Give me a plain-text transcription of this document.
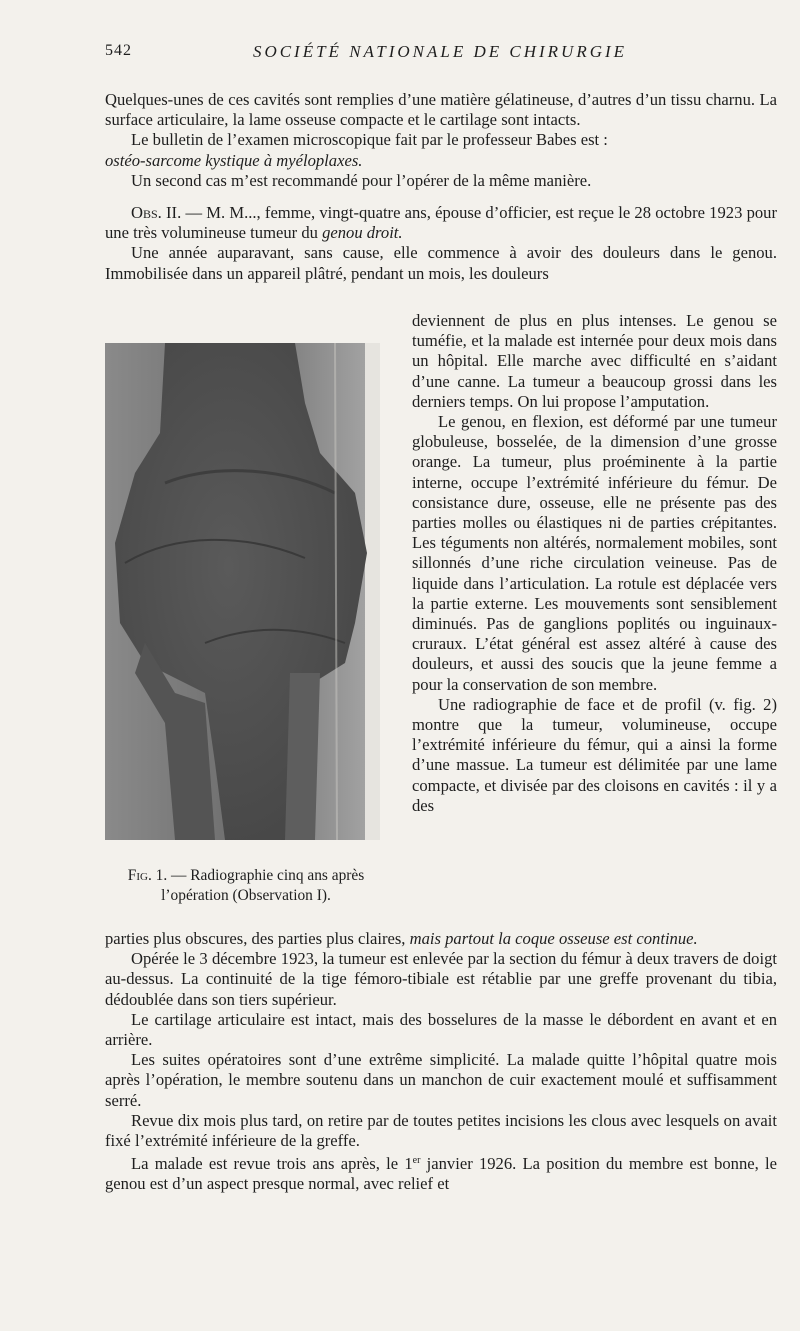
542	SOCIÉTÉ NATIONALE DE CHIRURGIE

Quelques-unes de ces cavités sont remplies d’une matière gélatineuse, d’autres d’un tissu charnu. La surface articulaire, la lame osseuse compacte et le cartilage sont intacts.

Le bulletin de l’examen microscopique fait par le professeur Babes est :
ostéo-sarcome kystique à myéloplaxes.

Un second cas m’est recommandé pour l’opérer de la même manière.

Obs. II. — M. M..., femme, vingt-quatre ans, épouse d’officier, est reçue le 28 octobre 1923 pour une très volumineuse tumeur du genou droit.

Une année auparavant, sans cause, elle commence à avoir des douleurs dans le genou. Immobilisée dans un appareil plâtré, pendant un mois, les douleurs

Fig. 1. — Radiographie cinq ans après l’opération (Observation I).

deviennent de plus en plus intenses. Le genou se tuméfie, et la malade est internée pour deux mois dans un hôpital. Elle marche avec difficulté en s’aidant d’une canne. La tumeur a beaucoup grossi dans les derniers temps. On lui propose l’amputation.

Le genou, en flexion, est déformé par une tumeur globuleuse, bosselée, de la dimension d’une grosse orange. La tumeur, plus proéminente à la partie interne, occupe l’extrémité inférieure du fémur. De consistance dure, osseuse, elle ne présente pas des parties molles ou élastiques ni de parties crépitantes. Les téguments non altérés, normalement mobiles, sont sillonnés d’une riche circulation veineuse. Pas de liquide dans l’articulation. La rotule est déplacée vers la partie externe. Les mouvements sont sensiblement diminués. Pas de ganglions poplités ou inguinaux-cruraux. L’état général est assez altéré à cause des douleurs, et aussi des soucis que la jeune femme a pour la conservation de son membre.

Une radiographie de face et de profil (v. fig. 2) montre que la tumeur, volumineuse, occupe l’extrémité inférieure du fémur, qui a ainsi la forme d’une massue. La tumeur est délimitée par une lame compacte, et divisée par des cloisons en cavités : il y a des

parties plus obscures, des parties plus claires, mais partout la coque osseuse est continue.

Opérée le 3 décembre 1923, la tumeur est enlevée par la section du fémur à deux travers de doigt au-dessus. La continuité de la tige fémoro-tibiale est rétablie par une greffe provenant du tibia, dédoublée dans son tiers supérieur.

Le cartilage articulaire est intact, mais des bosselures de la masse le débordent en avant et en arrière.

Les suites opératoires sont d’une extrême simplicité. La malade quitte l’hôpital quatre mois après l’opération, le membre soutenu dans un manchon de cuir exactement moulé et suffisamment serré.

Revue dix mois plus tard, on retire par de toutes petites incisions les clous avec lesquels on avait fixé l’extrémité inférieure de la greffe.

La malade est revue trois ans après, le 1er janvier 1926. La position du membre est bonne, le genou est d’un aspect presque normal, avec relief et
